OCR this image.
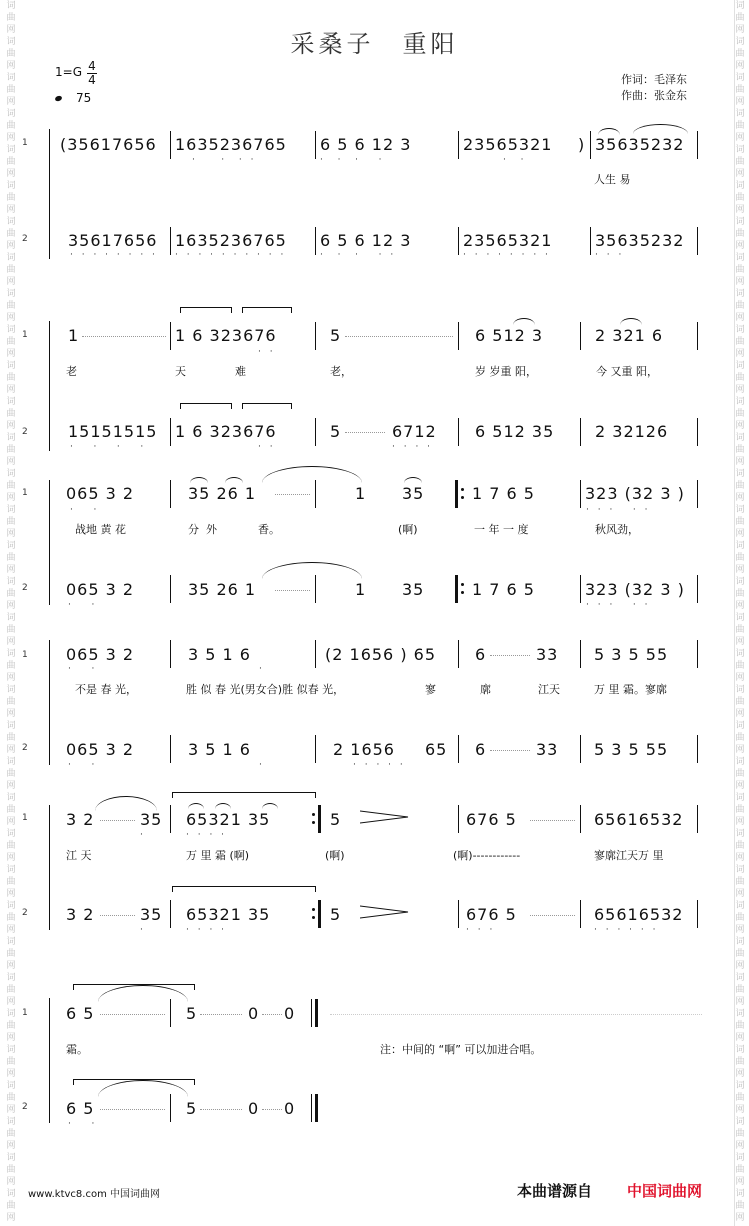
词
曲
网
词
曲
网
词
曲
网
词
曲
网
词
曲
网
词
曲
网
词
曲
网
词
曲
网
词
曲
网
词
曲
网
词
曲
网
词
曲
网
词
曲
网
词
曲
网
词
曲
网
词
曲
网
词
曲
网
词
曲
网
词
曲
网
词
曲
网
词
曲
网
词
曲
网
词
曲
网
词
曲
网
词
曲
网
词
曲
网
词
曲
网
词
曲
网
词
曲
网
词
曲
网
词
曲
网
词
曲
网
词
曲
网
词
曲
网
词
曲
网
词
曲
网
词
曲
网
词
曲
网
词
曲
网
词
曲
网
词
曲
网
词
曲
网
词
曲
网
词
曲
网
词
曲
网
词
曲
网
词
曲
网
词
曲
网
词
曲
网
词
曲
网
词
曲
网
词
曲
网
词
曲
网
词
曲
网
词
曲
网
词
曲
网
词
曲
网
词
曲
网
词
曲
网
词
曲
网
词
曲
网
词
曲
网
词
曲
网
词
曲
网
词
曲
网
词
曲
网
词
曲
网
词
曲
网
采桑子　重阳
1=G 4
4
75
作词：毛泽东
作曲：张金东
1
2
(35617656 1635236765 6 5 6 12 3	23565321 ) 35635232
·    ·  · ·	·  ·  ·   ·	·  ·
人生 易
35617656 1635236765 6 5 6 12 3	23565321	35635232
· · · · · · · · · · · · · · · · · ·	·  ·  ·   · ·	· · · · · · · ·	· · ·
1
2
1	1 6 323676	5	6 512 3	2 321 6
· ·
老	天	难	老，	岁 岁重 阳，	今 又重 阳，
15151515 1 6 323676	5	6712 6 512 35	2 32126
·   ·   ·   ·	· ·	· · · ·
1
2
065 3 2	35 26 1	1 35	1 7 6 5	323 (32 3 )
·   ·	· · ·   · ·
战地 黄 花	分  外	香。	(啊)	一 年 一 度	秋风劲，
065 3 2	35 26 1	1 35	1 7 6 5	323 (32 3 )
·   ·	· · ·   · ·
1
2
065 3 2	3 5 1 6	(2 1656 ) 65 6	33 5 3 5 55
·   ·	·
不是 春 光，	胜 似 春 光(男女合)胜 似春 光，	寥	廓	江天	万 里 霜。寥廓
065 3 2	3 5 1 6	2 1656 65 6	33 5 3 5 55
·   ·	·	· · · · ·
1
2
3 2	35 65321 35	5	676 5	65616532
· · · ·
·
江 天	万 里 霜 (啊)	(啊)	(啊)------------	寥廓江天万 里
3 2	35 65321 35	5	676 5	65616532
·	· · · ·	· · ·	· · · · · ·
1
2
6 5	5	0 0
霜。	注：中间的 “啊” 可以加进合唱。
6 5	5	0 0
·   ·
www.ktvc8.com 中国词曲网	本曲谱源自 中国词曲网
